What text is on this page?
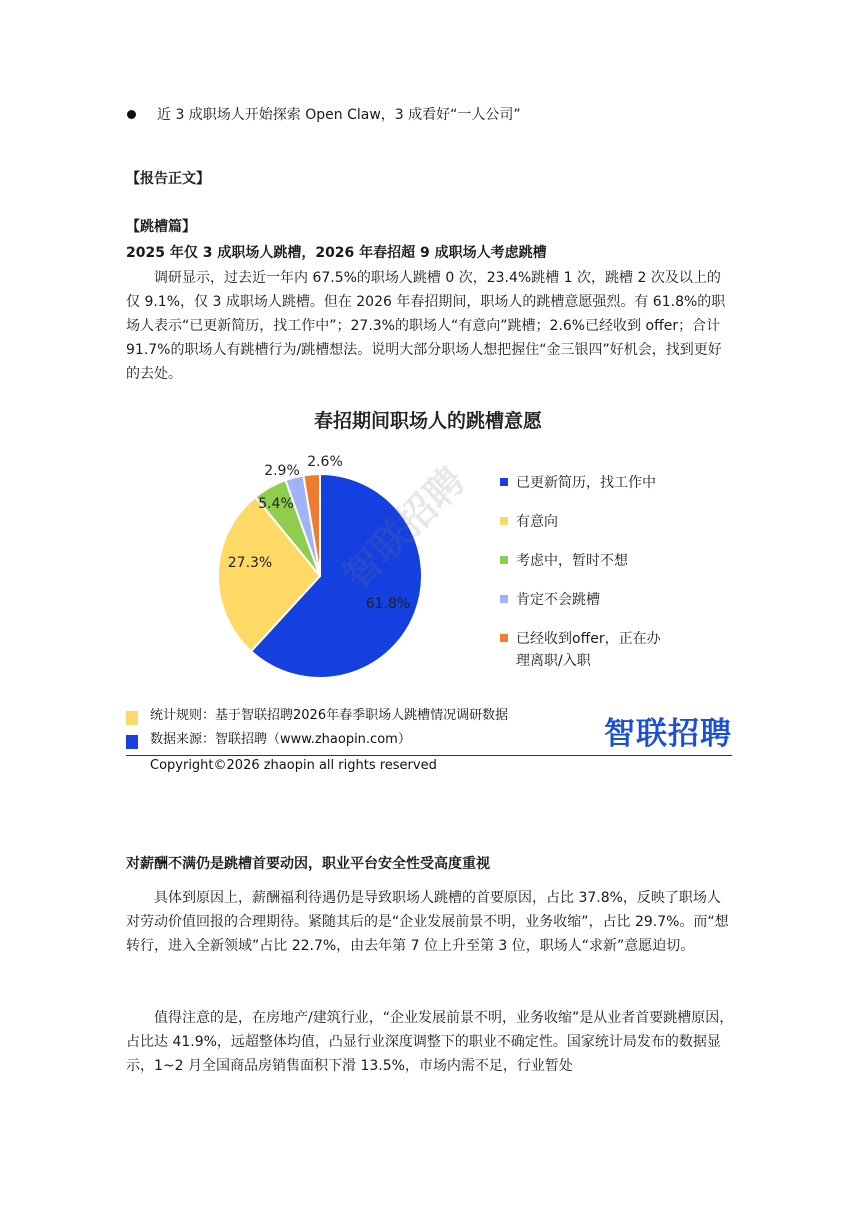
近 3 成职场人开始探索 Open Claw，3 成看好“一人公司”
【报告正文】
【跳槽篇】
2025 年仅 3 成职场人跳槽，2026 年春招超 9 成职场人考虑跳槽

调研显示，过去近一年内 67.5%的职场人跳槽 0 次，23.4%跳槽 1 次，跳槽 2 次及以上的仅 9.1%，仅 3 成职场人跳槽。但在 2026 年春招期间，职场人的跳槽意愿强烈。有 61.8%的职场人表示“已更新简历，找工作中”；27.3%的职场人“有意向”跳槽；2.6%已经收到 offer；合计 91.7%的职场人有跳槽行为/跳槽想法。说明大部分职场人想把握住“金三银四”好机会，找到更好的去处。

春招期间职场人的跳槽意愿
61.8%
27.3%
5.4%
2.9%
2.6%
已更新简历，找工作中
有意向
考虑中，暂时不想
肯定不会跳槽
已经收到offer，正在办
理离职/入职
智联招聘
统计规则：基于智联招聘2026年春季职场人跳槽情况调研数据
数据来源：智联招聘（www.zhaopin.com）	智联招聘
Copyright©2026 zhaopin all rights reserved
对薪酬不满仍是跳槽首要动因，职业平台安全性受高度重视

具体到原因上，薪酬福利待遇仍是导致职场人跳槽的首要原因，占比 37.8%，反映了职场人对劳动价值回报的合理期待。紧随其后的是“企业发展前景不明，业务收缩”，占比 29.7%。而“想转行，进入全新领域”占比 22.7%，由去年第 7 位上升至第 3 位，职场人“求新”意愿迫切。

值得注意的是，在房地产/建筑行业，“企业发展前景不明，业务收缩”是从业者首要跳槽原因，占比达 41.9%，远超整体均值，凸显行业深度调整下的职业不确定性。国家统计局发布的数据显示，1~2 月全国商品房销售面积下滑 13.5%，市场内需不足，行业暂处
